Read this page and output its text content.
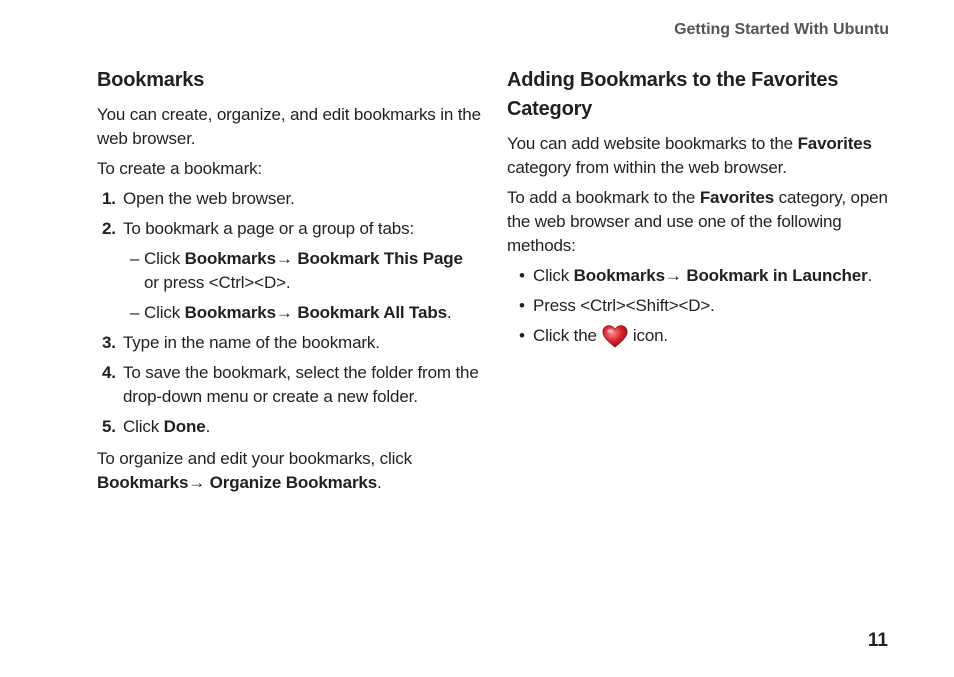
Getting Started With Ubuntu
Bookmarks

You can create, organize, and edit bookmarks in the web browser.

To create a bookmark:

1. Open the web browser.
2. To bookmark a page or a group of tabs:
– Click Bookmarks→ Bookmark This Page or press <Ctrl><D>.
– Click Bookmarks→ Bookmark All Tabs.
3. Type in the name of the bookmark.
4. To save the bookmark, select the folder from the drop-down menu or create a new folder.
5. Click Done.

To organize and edit your bookmarks, click Bookmarks→ Organize Bookmarks.

Adding Bookmarks to the Favorites Category

You can add website bookmarks to the Favorites category from within the web browser.

To add a bookmark to the Favorites category, open the web browser and use one of the following methods:

• Click Bookmarks→ Bookmark in Launcher.
• Press <Ctrl><Shift><D>.
• Click the icon.
11
